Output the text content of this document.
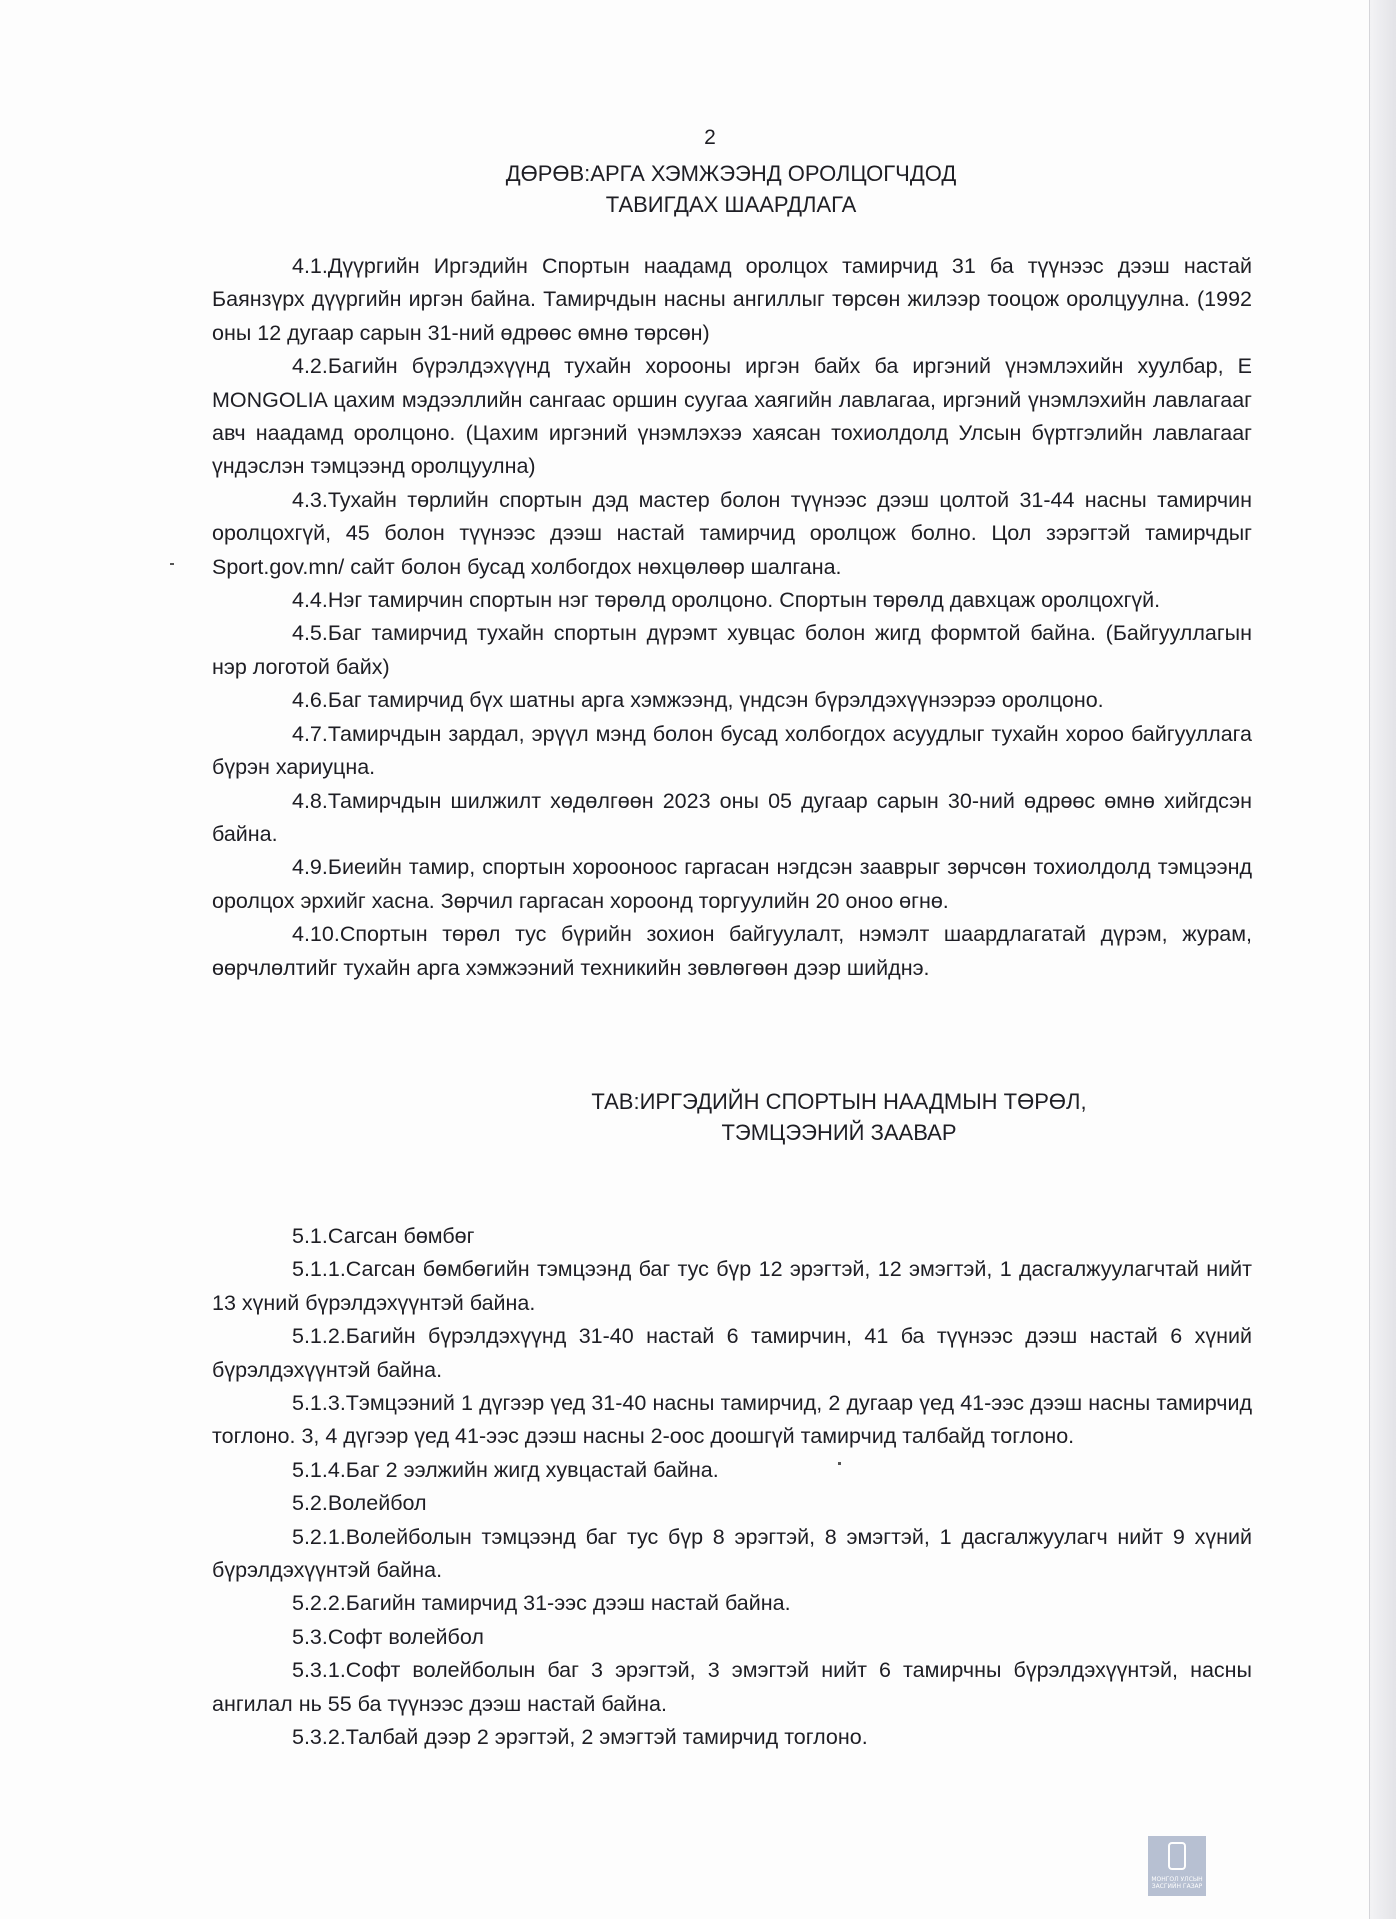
2
ДӨРӨВ:АРГА ХЭМЖЭЭНД ОРОЛЦОГЧДОД
ТАВИГДАХ ШААРДЛАГА

4.1.Дүүргийн Иргэдийн Спортын наадамд оролцох тамирчид 31 ба түүнээс дээш настай Баянзүрх дүүргийн иргэн байна. Тамирчдын насны ангиллыг төрсөн жилээр тооцож оролцуулна. (1992 оны 12 дугаар сарын 31-ний өдрөөс өмнө төрсөн)

4.2.Багийн бүрэлдэхүүнд тухайн хорооны иргэн байх ба иргэний үнэмлэхийн хуулбар, Е MONGOLIA цахим мэдээллийн сангаас оршин суугаа хаягийн лавлагаа, иргэний үнэмлэхийн лавлагааг авч наадамд оролцоно. (Цахим иргэний үнэмлэхээ хаясан тохиолдолд Улсын бүртгэлийн лавлагааг үндэслэн тэмцээнд оролцуулна)

4.3.Тухайн төрлийн спортын дэд мастер болон түүнээс дээш цолтой 31-44 насны тамирчин оролцохгүй, 45 болон түүнээс дээш настай тамирчид оролцож болно. Цол зэрэгтэй тамирчдыг Sport.gov.mn/ сайт болон бусад холбогдох нөхцөлөөр шалгана.

4.4.Нэг тамирчин спортын нэг төрөлд оролцоно. Спортын төрөлд давхцаж оролцохгүй.

4.5.Баг тамирчид тухайн спортын дүрэмт хувцас болон жигд формтой байна. (Байгууллагын нэр логотой байх)

4.6.Баг тамирчид бүх шатны арга хэмжээнд, үндсэн бүрэлдэхүүнээрээ оролцоно.

4.7.Тамирчдын зардал, эрүүл мэнд болон бусад холбогдох асуудлыг тухайн хороо байгууллага бүрэн хариуцна.

4.8.Тамирчдын шилжилт хөдөлгөөн 2023 оны 05 дугаар сарын 30-ний өдрөөс өмнө хийгдсэн байна.

4.9.Биеийн тамир, спортын хорооноос гаргасан нэгдсэн зааврыг зөрчсөн тохиолдолд тэмцээнд оролцох эрхийг хасна. Зөрчил гаргасан хороонд торгуулийн 20 оноо өгнө.

4.10.Спортын төрөл тус бүрийн зохион байгуулалт, нэмэлт шаардлагатай дүрэм, журам, өөрчлөлтийг тухайн арга хэмжээний техникийн зөвлөгөөн дээр шийднэ.

ТАВ:ИРГЭДИЙН СПОРТЫН НААДМЫН ТӨРӨЛ,
ТЭМЦЭЭНИЙ ЗААВАР

5.1.Сагсан бөмбөг

5.1.1.Сагсан бөмбөгийн тэмцээнд баг тус бүр 12 эрэгтэй, 12 эмэгтэй, 1 дасгалжуулагчтай нийт 13 хүний бүрэлдэхүүнтэй байна.

5.1.2.Багийн бүрэлдэхүүнд 31-40 настай 6 тамирчин, 41 ба түүнээс дээш настай 6 хүний бүрэлдэхүүнтэй байна.

5.1.3.Тэмцээний 1 дүгээр үед 31-40 насны тамирчид, 2 дугаар үед 41-ээс дээш насны тамирчид тоглоно. 3, 4 дүгээр үед 41-ээс дээш насны 2-оос доошгүй тамирчид талбайд тоглоно.

5.1.4.Баг 2 ээлжийн жигд хувцастай байна.

5.2.Волейбол

5.2.1.Волейболын тэмцээнд баг тус бүр 8 эрэгтэй, 8 эмэгтэй, 1 дасгалжуулагч нийт 9 хүний бүрэлдэхүүнтэй байна.

5.2.2.Багийн тамирчид 31-ээс дээш настай байна.

5.3.Софт волейбол

5.3.1.Софт волейболын баг 3 эрэгтэй, 3 эмэгтэй нийт 6 тамирчны бүрэлдэхүүнтэй, насны ангилал нь 55 ба түүнээс дээш настай байна.

5.3.2.Талбай дээр 2 эрэгтэй, 2 эмэгтэй тамирчид тоглоно.

МОНГОЛ УЛСЫН ЗАСГИЙН ГАЗАР
